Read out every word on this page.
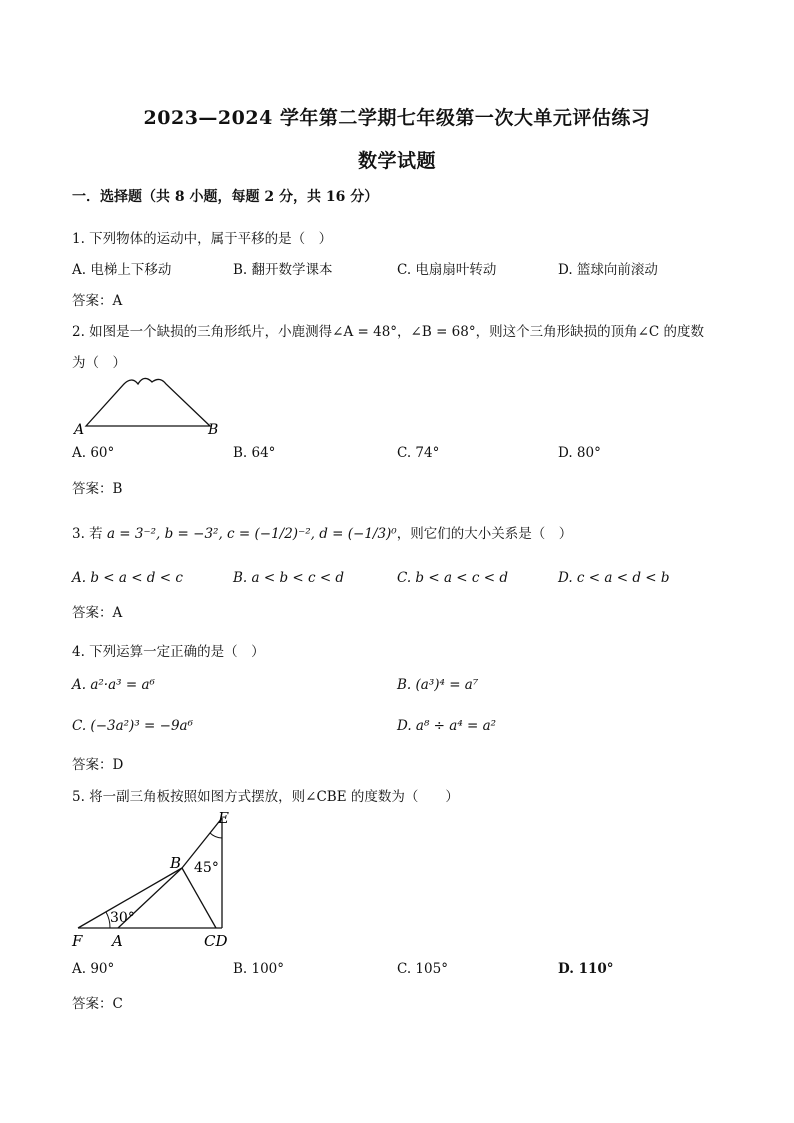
2023—2024 学年第二学期七年级第一次大单元评估练习
数学试题
一．选择题（共 8 小题，每题 2 分，共 16 分）
1. 下列物体的运动中，属于平移的是（　）
A. 电梯上下移动	B. 翻开数学课本	C. 电扇扇叶转动	D. 篮球向前滚动
答案：A
2. 如图是一个缺损的三角形纸片，小鹿测得∠A = 48°，∠B = 68°，则这个三角形缺损的顶角∠C 的度数
为（　）
A	B
A. 60°	B. 64°	C. 74°	D. 80°
答案：B
3. 若 a = 3⁻², b = −3², c = (−1/2)⁻², d = (−1/3)⁰，则它们的大小关系是（　）
A. b < a < d < c	B. a < b < c < d	C. b < a < c < d	D. c < a < d < b
答案：A
4. 下列运算一定正确的是（　）
A. a²·a³ = a⁶	B. (a³)⁴ = a⁷
C. (−3a²)³ = −9a⁶	D. a⁸ ÷ a⁴ = a²
答案：D
5. 将一副三角板按照如图方式摆放，则∠CBE 的度数为（　　）
E
B 45°
30°
F A	CD
A. 90°	B. 100°	C. 105°	D. 110°
答案：C
